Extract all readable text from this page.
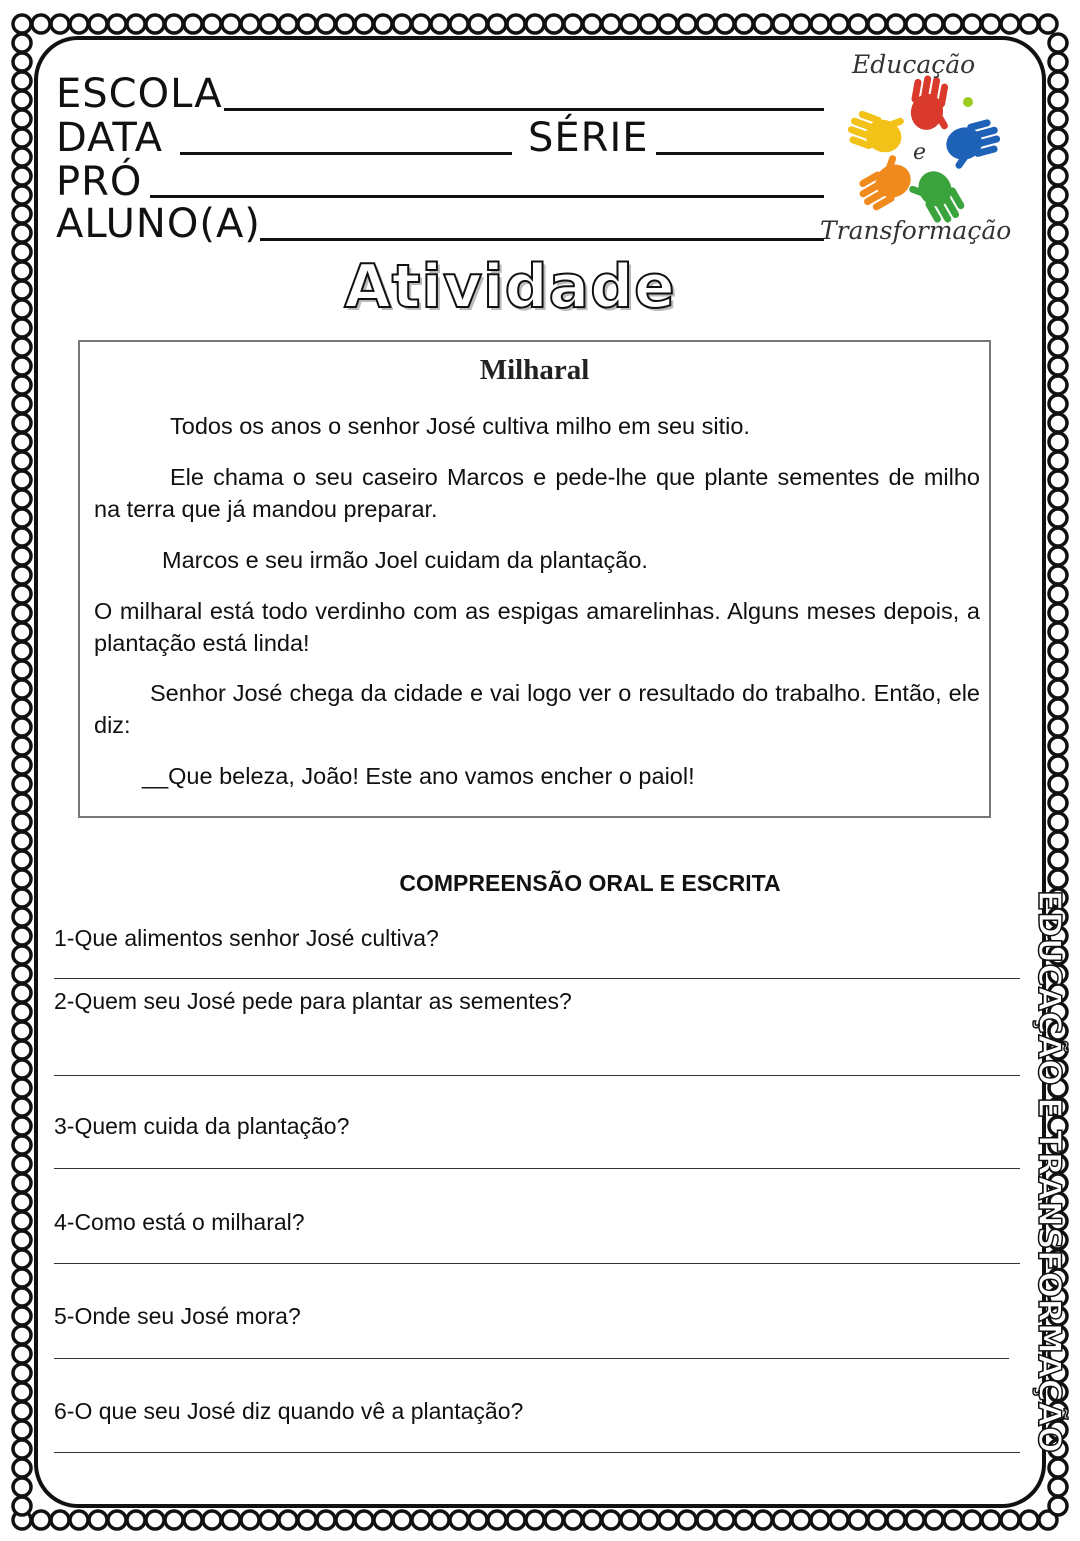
ESCOLA
DATA	SÉRIE
PRÓ
ALUNO(A)
Educação
e
Transformação
Atividade
Milharal
Todos os anos o senhor José cultiva milho em seu sitio.
Ele chama o seu caseiro Marcos e pede-lhe que plante sementes de milho na terra que já mandou preparar.
Marcos e seu irmão Joel cuidam da plantação.
O milharal está todo verdinho com as espigas amarelinhas. Alguns meses depois, a plantação está linda!
Senhor José chega da cidade e vai logo ver o resultado do trabalho. Então, ele diz:
__Que beleza, João! Este ano vamos encher o paiol!
COMPREENSÃO ORAL E ESCRITA
1-Que alimentos senhor José cultiva?
2-Quem seu José pede para plantar as sementes?
3-Quem cuida da plantação?
4-Como está o milharal?
5-Onde seu José mora?
6-O que seu José diz quando vê a plantação?	EDUCAÇÃO E TRANSFORMAÇÃO
